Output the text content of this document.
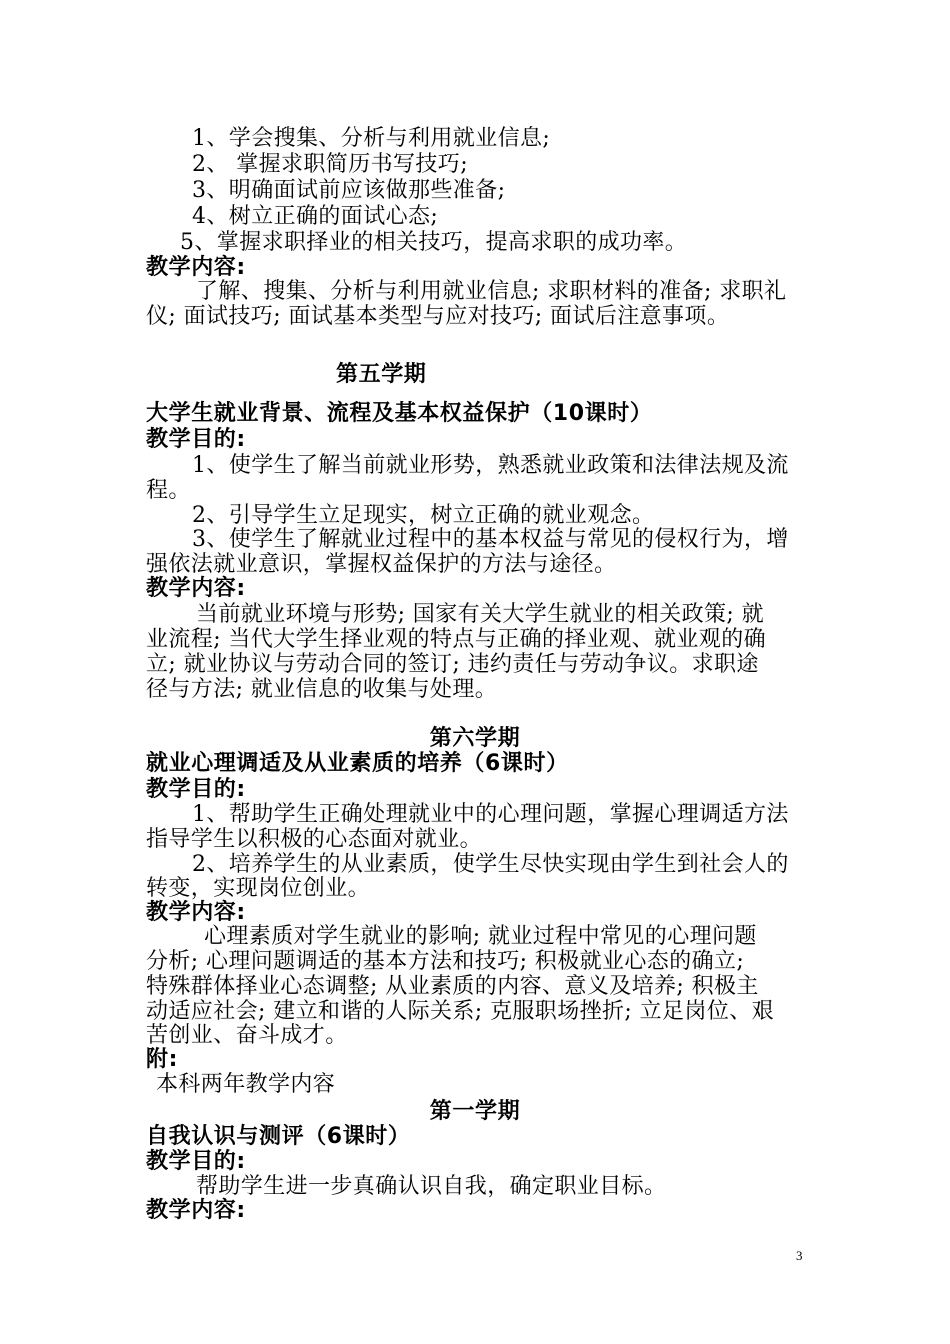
1、学会搜集、分析与利用就业信息;
2、 掌握求职简历书写技巧;
3、明确面试前应该做那些准备;
4、树立正确的面试心态;
5、掌握求职择业的相关技巧，提高求职的成功率。
教学内容:
了解、搜集、分析与利用就业信息; 求职材料的准备; 求职礼
仪; 面试技巧; 面试基本类型与应对技巧; 面试后注意事项。
第五学期
大学生就业背景、流程及基本权益保护（10课时）
教学目的:
1、使学生了解当前就业形势，熟悉就业政策和法律法规及流
程。
2、引导学生立足现实，树立正确的就业观念。
3、使学生了解就业过程中的基本权益与常见的侵权行为，增
强依法就业意识，掌握权益保护的方法与途径。
教学内容:
当前就业环境与形势; 国家有关大学生就业的相关政策; 就
业流程; 当代大学生择业观的特点与正确的择业观、就业观的确
立; 就业协议与劳动合同的签订; 违约责任与劳动争议。求职途
径与方法; 就业信息的收集与处理。
第六学期
就业心理调适及从业素质的培养（6课时）
教学目的:
1、帮助学生正确处理就业中的心理问题，掌握心理调适方法
指导学生以积极的心态面对就业。
2、培养学生的从业素质，使学生尽快实现由学生到社会人的
转变，实现岗位创业。
教学内容:
心理素质对学生就业的影响; 就业过程中常见的心理问题
分析; 心理问题调适的基本方法和技巧; 积极就业心态的确立;
特殊群体择业心态调整; 从业素质的内容、意义及培养; 积极主
动适应社会; 建立和谐的人际关系; 克服职场挫折; 立足岗位、艰
苦创业、奋斗成才。
附:
本科两年教学内容
第一学期
自我认识与测评（6课时）
教学目的:
帮助学生进一步真确认识自我，确定职业目标。
教学内容:
3
